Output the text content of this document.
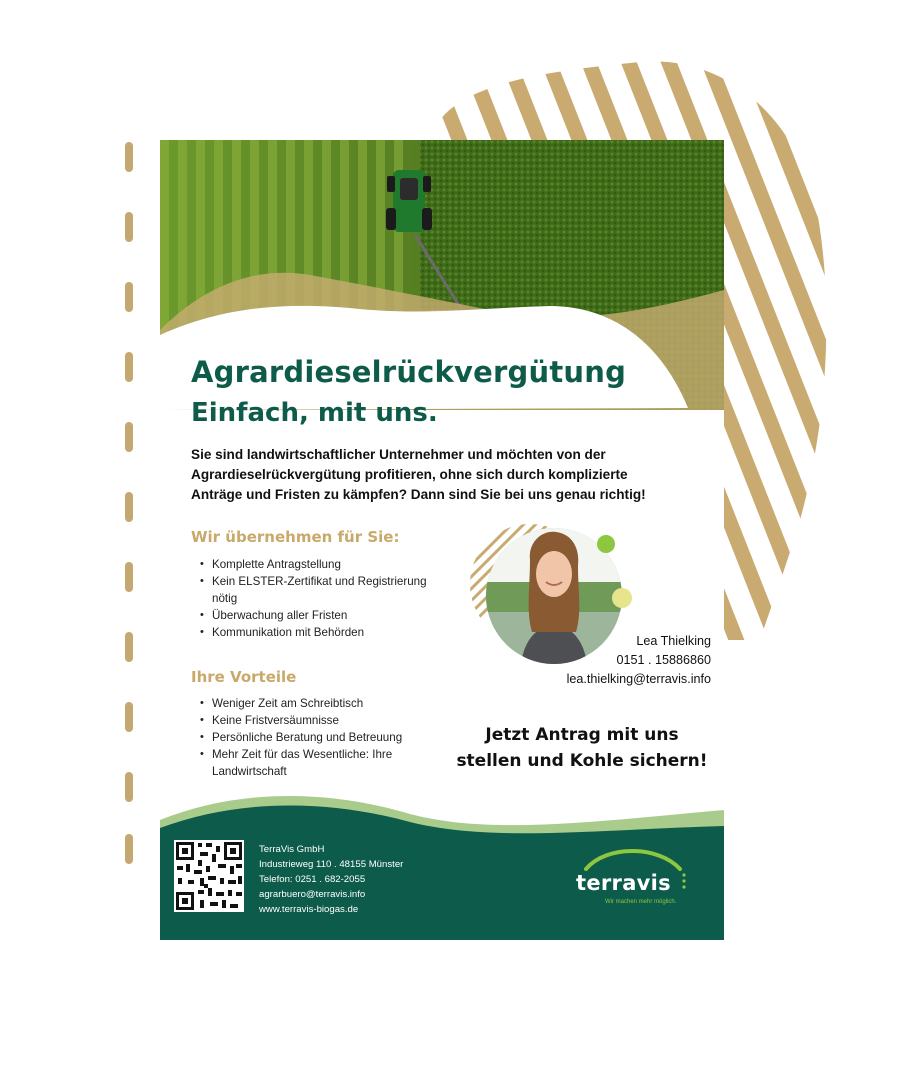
Agrardieselrückvergütung
Einfach, mit uns.

Sie sind landwirtschaftlicher Unternehmer und möchten von der
Agrardieselrückvergütung profitieren, ohne sich durch komplizierte
Anträge und Fristen zu kämpfen? Dann sind Sie bei uns genau richtig!

Wir übernehmen für Sie:
• Komplette Antragstellung
• Kein ELSTER-Zertifikat und Registrierung nötig
• Überwachung aller Fristen
• Kommunikation mit Behörden
Ihre Vorteile
• Weniger Zeit am Schreibtisch
• Keine Fristversäumnisse
• Persönliche Beratung und Betreuung
• Mehr Zeit für das Wesentliche: Ihre Landwirtschaft

Lea Thielking

0151 . 15886860

lea.thielking@terravis.info

Jetzt Antrag mit uns
stellen und Kohle sichern!

TerraVis GmbH
Industrieweg 110 . 48155 Münster
Telefon: 0251 . 682-2055
agrarbuero@terravis.info
www.terravis-biogas.de

terravis

Wir machen mehr möglich.
